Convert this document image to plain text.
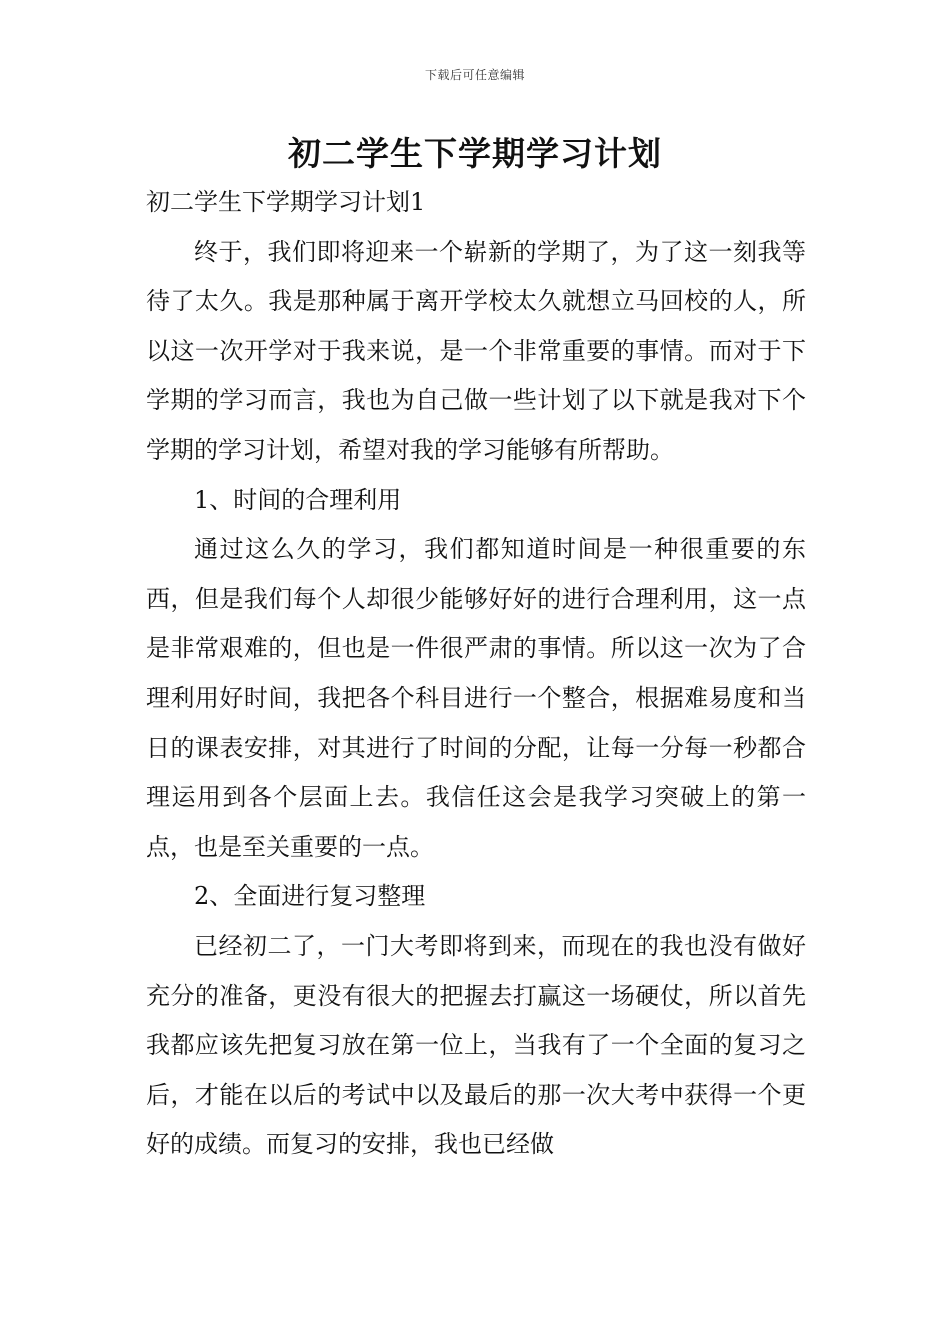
下载后可任意编辑
初二学生下学期学习计划

初二学生下学期学习计划1

终于，我们即将迎来一个崭新的学期了，为了这一刻我等待了太久。我是那种属于离开学校太久就想立马回校的人，所以这一次开学对于我来说，是一个非常重要的事情。而对于下学期的学习而言，我也为自己做一些计划了以下就是我对下个学期的学习计划，希望对我的学习能够有所帮助。

1、时间的合理利用

通过这么久的学习，我们都知道时间是一种很重要的东西，但是我们每个人却很少能够好好的进行合理利用，这一点是非常艰难的，但也是一件很严肃的事情。所以这一次为了合理利用好时间，我把各个科目进行一个整合，根据难易度和当日的课表安排，对其进行了时间的分配，让每一分每一秒都合理运用到各个层面上去。我信任这会是我学习突破上的第一点，也是至关重要的一点。

2、全面进行复习整理

已经初二了，一门大考即将到来，而现在的我也没有做好充分的准备，更没有很大的把握去打赢这一场硬仗，所以首先我都应该先把复习放在第一位上，当我有了一个全面的复习之后，才能在以后的考试中以及最后的那一次大考中获得一个更好的成绩。而复习的安排，我也已经做
